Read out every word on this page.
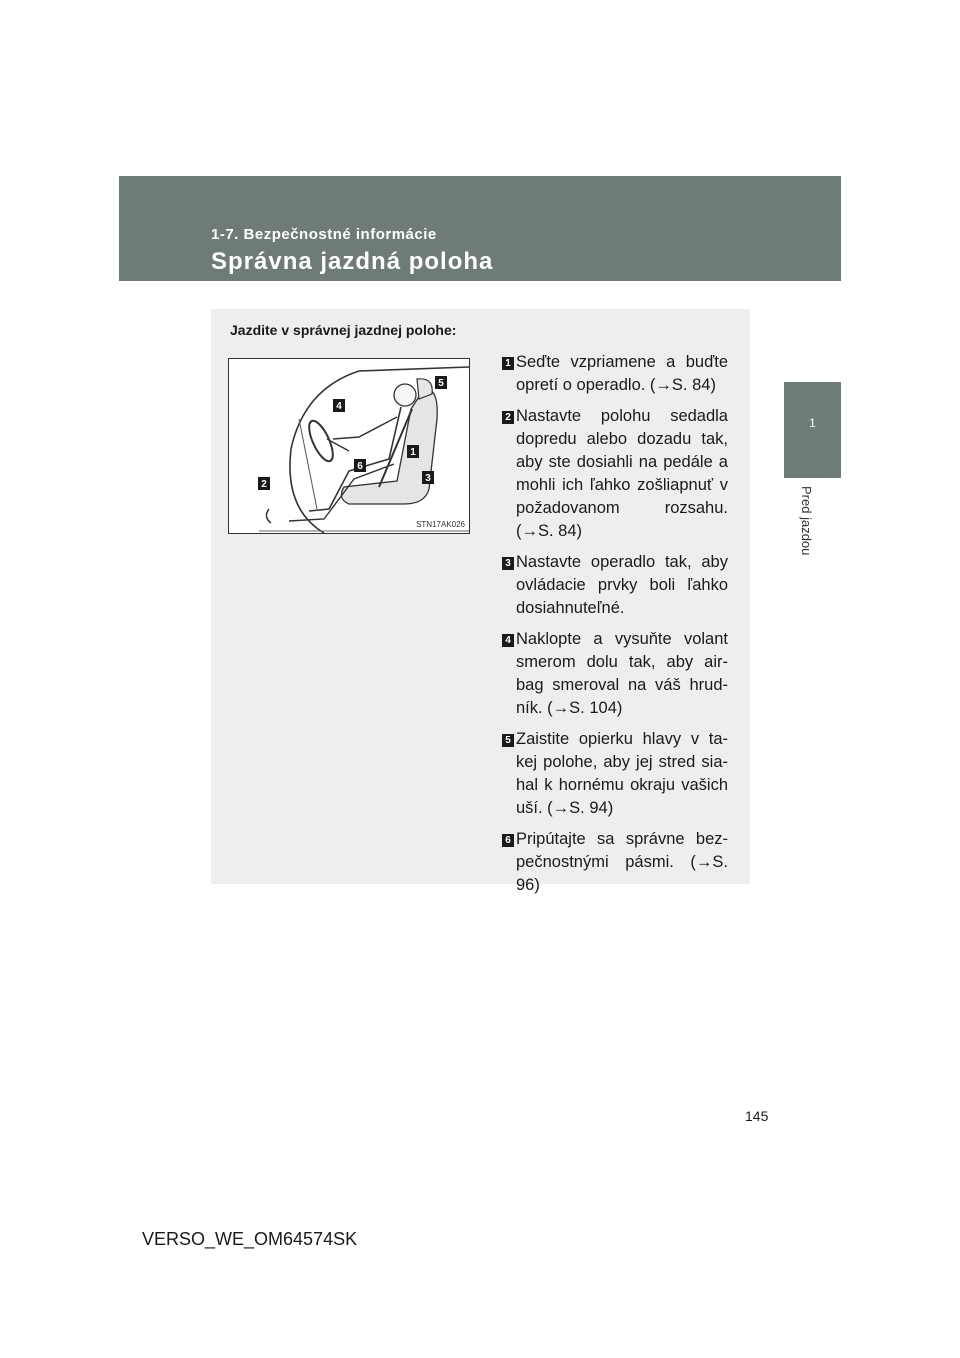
1-7. Bezpečnostné informácie
Správna jazdná poloha
1
Pred jazdou
Jazdite v správnej jazdnej polohe:
5
4
1
6
3
2
STN17AK026
1 Seďte vzpriamene a buďte opretí o operadlo. (→S. 84)
2 Nastavte polohu sedadla dopredu alebo dozadu tak, aby ste dosiahli na pedále a mohli ich ľahko zošliapnuť v požadovanom rozsahu. (→S. 84)
3 Nastavte operadlo tak, aby ovládacie prvky boli ľahko dosiahnuteľné.
4 Naklopte a vysuňte volant smerom dolu tak, aby air-bag smeroval na váš hrud-ník. (→S. 104)
5 Zaistite opierku hlavy v ta-kej polohe, aby jej stred sia-hal k hornému okraju vašich uší. (→S. 94)
6 Pripútajte sa správne bez-pečnostnými pásmi. (→S. 96)
145
VERSO_WE_OM64574SK
